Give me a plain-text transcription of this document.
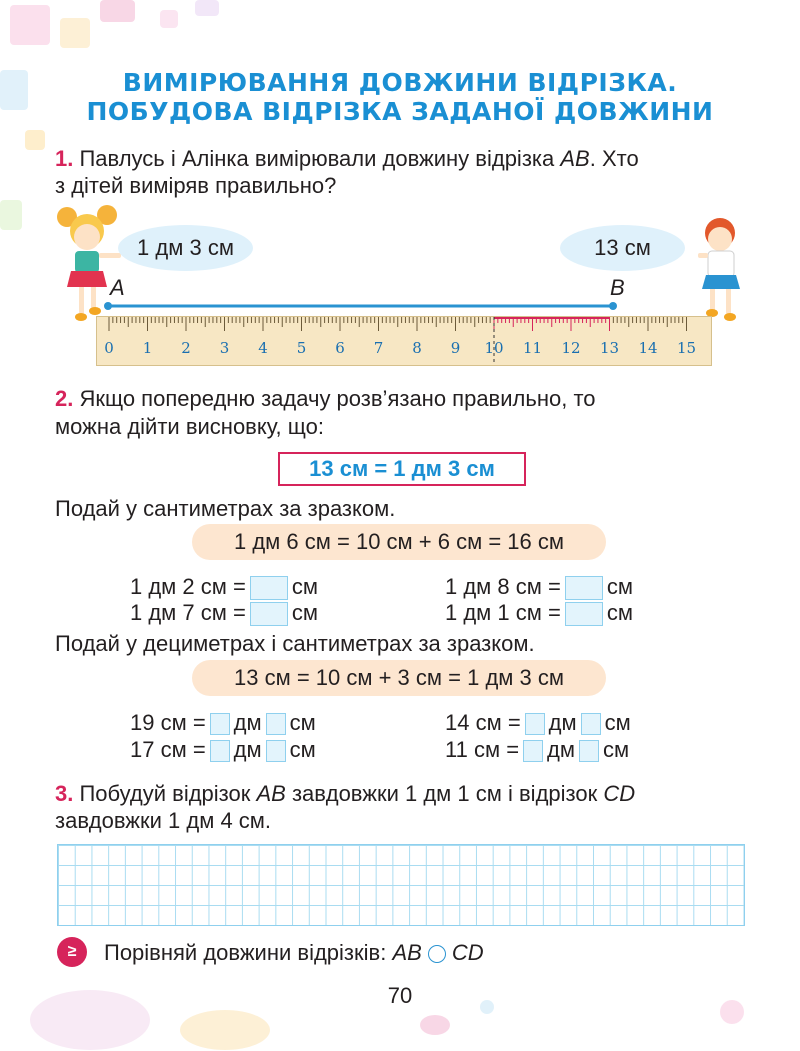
ВИМІРЮВАННЯ ДОВЖИНИ ВІДРІЗКА.
ПОБУДОВА ВІДРІЗКА ЗАДАНОЇ ДОВЖИНИ
1. Павлусь і Алінка вимірювали довжину відрізка AB. Хто
з дітей виміряв правильно?
1 дм 3 см	13 см
A	B
0 1 2 3 4 5 6 7 8 9 10 11 12 13 14 15
2. Якщо попередню задачу розв’язано правильно, то
можна дійти висновку, що:
13 см = 1 дм 3 см
Подай у сантиметрах за зразком.
1 дм 6 см = 10 см + 6 см = 16 см
1 дм 2 см = см	1 дм 8 см = см
1 дм 7 см = см	1 дм 1 см = см
Подай у дециметрах і сантиметрах за зразком.
13 см = 10 см + 3 см = 1 дм 3 см
19 см = дм см	14 см = дм см
17 см = дм см	11 см = дм см
3. Побудуй відрізок AB завдовжки 1 дм 1 см і відрізок CD
завдовжки 1 дм 4 см.
≥	Порівняй довжини відрізків: AB CD
70
